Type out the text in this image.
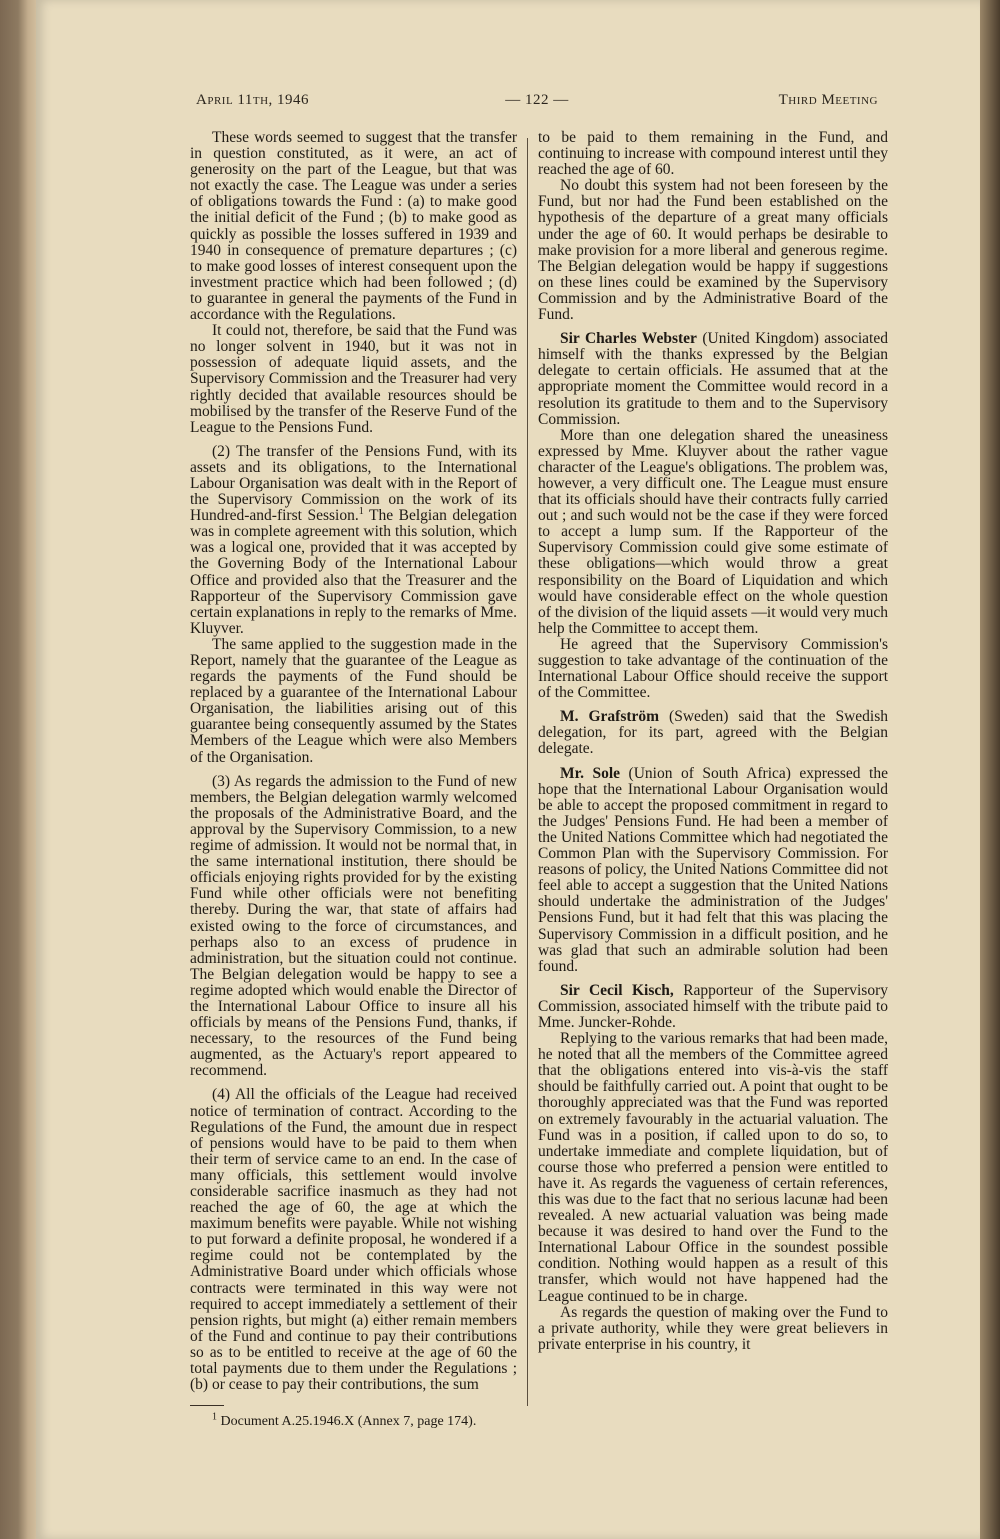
April 11th, 1946	— 122 —	Third Meeting

These words seemed to suggest that the transfer in question constituted, as it were, an act of generosity on the part of the League, but that was not exactly the case. The League was under a series of obligations towards the Fund : (a) to make good the initial deficit of the Fund ; (b) to make good as quickly as possible the losses suffered in 1939 and 1940 in consequence of premature departures ; (c) to make good losses of interest consequent upon the investment practice which had been followed ; (d) to guarantee in general the payments of the Fund in accordance with the Regulations.

It could not, therefore, be said that the Fund was no longer solvent in 1940, but it was not in possession of adequate liquid assets, and the Supervisory Commission and the Treasurer had very rightly decided that available resources should be mobilised by the transfer of the Reserve Fund of the League to the Pensions Fund.

(2) The transfer of the Pensions Fund, with its assets and its obligations, to the International Labour Organisation was dealt with in the Report of the Supervisory Commission on the work of its Hundred-and-first Session.$^1$ The Belgian delegation was in complete agreement with this solution, which was a logical one, provided that it was accepted by the Governing Body of the International Labour Office and provided also that the Treasurer and the Rapporteur of the Supervisory Commission gave certain explanations in reply to the remarks of Mme. Kluyver.

The same applied to the suggestion made in the Report, namely that the guarantee of the League as regards the payments of the Fund should be replaced by a guarantee of the International Labour Organisation, the liabilities arising out of this guarantee being consequently assumed by the States Members of the League which were also Members of the Organisation.

(3) As regards the admission to the Fund of new members, the Belgian delegation warmly welcomed the proposals of the Administrative Board, and the approval by the Supervisory Commission, to a new regime of admission. It would not be normal that, in the same international institution, there should be officials enjoying rights provided for by the existing Fund while other officials were not benefiting thereby. During the war, that state of affairs had existed owing to the force of circumstances, and perhaps also to an excess of prudence in administration, but the situation could not continue. The Belgian delegation would be happy to see a regime adopted which would enable the Director of the International Labour Office to insure all his officials by means of the Pensions Fund, thanks, if necessary, to the resources of the Fund being augmented, as the Actuary's report appeared to recommend.

(4) All the officials of the League had received notice of termination of contract. According to the Regulations of the Fund, the amount due in respect of pensions would have to be paid to them when their term of service came to an end. In the case of many officials, this settlement would involve considerable sacrifice inasmuch as they had not reached the age of 60, the age at which the maximum benefits were payable. While not wishing to put forward a definite proposal, he wondered if a regime could not be contemplated by the Administrative Board under which officials whose contracts were terminated in this way were not required to accept immediately a settlement of their pension rights, but might (a) either remain members of the Fund and continue to pay their contributions so as to be entitled to receive at the age of 60 the total payments due to them under the Regulations ; (b) or cease to pay their contributions, the sum

$^1$ Document A.25.1946.X (Annex 7, page 174).

to be paid to them remaining in the Fund, and continuing to increase with compound interest until they reached the age of 60.

No doubt this system had not been foreseen by the Fund, but nor had the Fund been established on the hypothesis of the departure of a great many officials under the age of 60. It would perhaps be desirable to make provision for a more liberal and generous regime. The Belgian delegation would be happy if suggestions on these lines could be examined by the Supervisory Commission and by the Administrative Board of the Fund.

Sir Charles Webster (United Kingdom) associated himself with the thanks expressed by the Belgian delegate to certain officials. He assumed that at the appropriate moment the Committee would record in a resolution its gratitude to them and to the Supervisory Commission.

More than one delegation shared the uneasiness expressed by Mme. Kluyver about the rather vague character of the League's obligations. The problem was, however, a very difficult one. The League must ensure that its officials should have their contracts fully carried out ; and such would not be the case if they were forced to accept a lump sum. If the Rapporteur of the Supervisory Commission could give some estimate of these obligations—which would throw a great responsibility on the Board of Liquidation and which would have considerable effect on the whole question of the division of the liquid assets —it would very much help the Committee to accept them.

He agreed that the Supervisory Commission's suggestion to take advantage of the continuation of the International Labour Office should receive the support of the Committee.

M. Grafström (Sweden) said that the Swedish delegation, for its part, agreed with the Belgian delegate.

Mr. Sole (Union of South Africa) expressed the hope that the International Labour Organisation would be able to accept the proposed commitment in regard to the Judges' Pensions Fund. He had been a member of the United Nations Committee which had negotiated the Common Plan with the Supervisory Commission. For reasons of policy, the United Nations Committee did not feel able to accept a suggestion that the United Nations should undertake the administration of the Judges' Pensions Fund, but it had felt that this was placing the Supervisory Commission in a difficult position, and he was glad that such an admirable solution had been found.

Sir Cecil Kisch, Rapporteur of the Supervisory Commission, associated himself with the tribute paid to Mme. Juncker-Rohde.

Replying to the various remarks that had been made, he noted that all the members of the Committee agreed that the obligations entered into vis-à-vis the staff should be faithfully carried out. A point that ought to be thoroughly appreciated was that the Fund was reported on extremely favourably in the actuarial valuation. The Fund was in a position, if called upon to do so, to undertake immediate and complete liquidation, but of course those who preferred a pension were entitled to have it. As regards the vagueness of certain references, this was due to the fact that no serious lacunæ had been revealed. A new actuarial valuation was being made because it was desired to hand over the Fund to the International Labour Office in the soundest possible condition. Nothing would happen as a result of this transfer, which would not have happened had the League continued to be in charge.

As regards the question of making over the Fund to a private authority, while they were great believers in private enterprise in his country, it
